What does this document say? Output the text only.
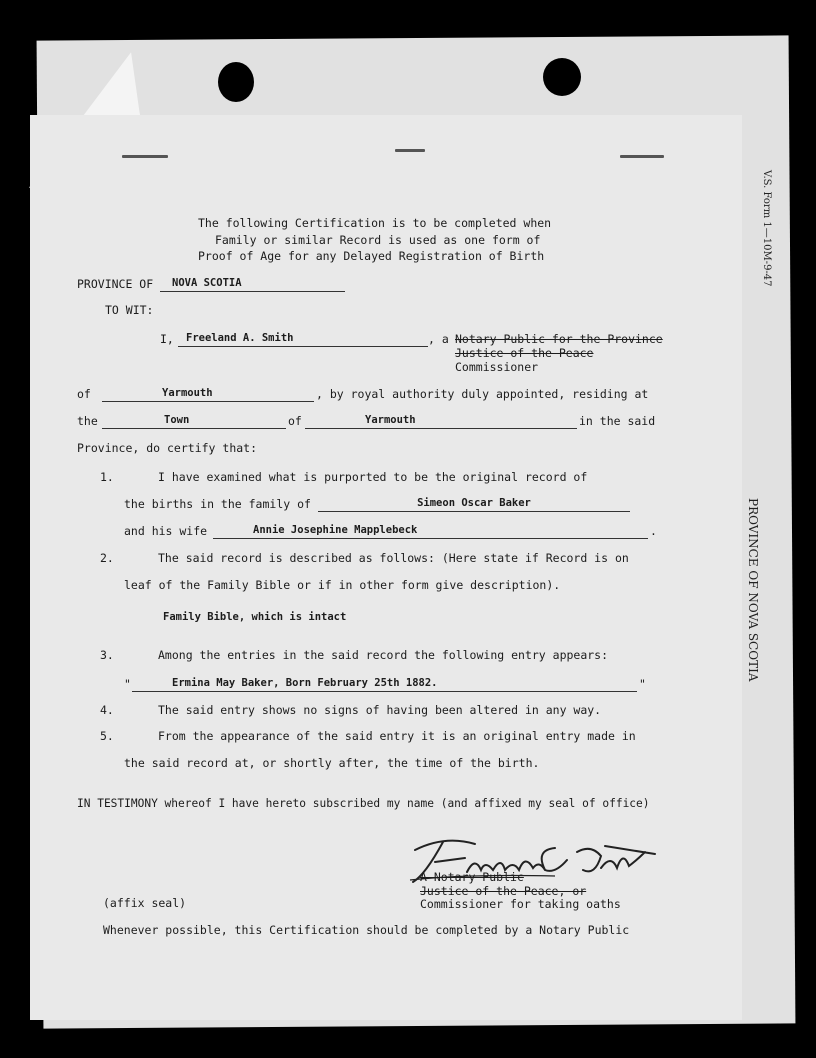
V.S. Form 1—10M-9-47
PROVINCE OF NOVA SCOTIA
The following Certification is to be completed when
Family or similar Record is used as one form of
Proof of Age for any Delayed Registration of Birth
PROVINCE OF	NOVA SCOTIA
TO WIT:
I,	Freeland A. Smith	, a Notary Public for the Province
Justice of the Peace
Commissioner
of	Yarmouth	, by royal authority duly appointed, residing at
the	Town	of	Yarmouth	in the said
Province, do certify that:
1.	I have examined what is purported to be the original record of
the births in the family of	Simeon Oscar Baker
and his wife	Annie Josephine Mapplebeck	.
2.	The said record is described as follows: (Here state if Record is on
leaf of the Family Bible or if in other form give description).
Family Bible, which is intact
3.	Among the entries in the said record the following entry appears:
"	Ermina May Baker, Born February 25th 1882.	"
4.	The said entry shows no signs of having been altered in any way.
5.	From the appearance of the said entry it is an original entry made in
the said record at, or shortly after, the time of the birth.
IN TESTIMONY whereof I have hereto subscribed my name (and affixed my seal of office)
A Notary Public
Justice of the Peace, or
Commissioner for taking oaths
(affix seal)
Whenever possible, this Certification should be completed by a Notary Public
